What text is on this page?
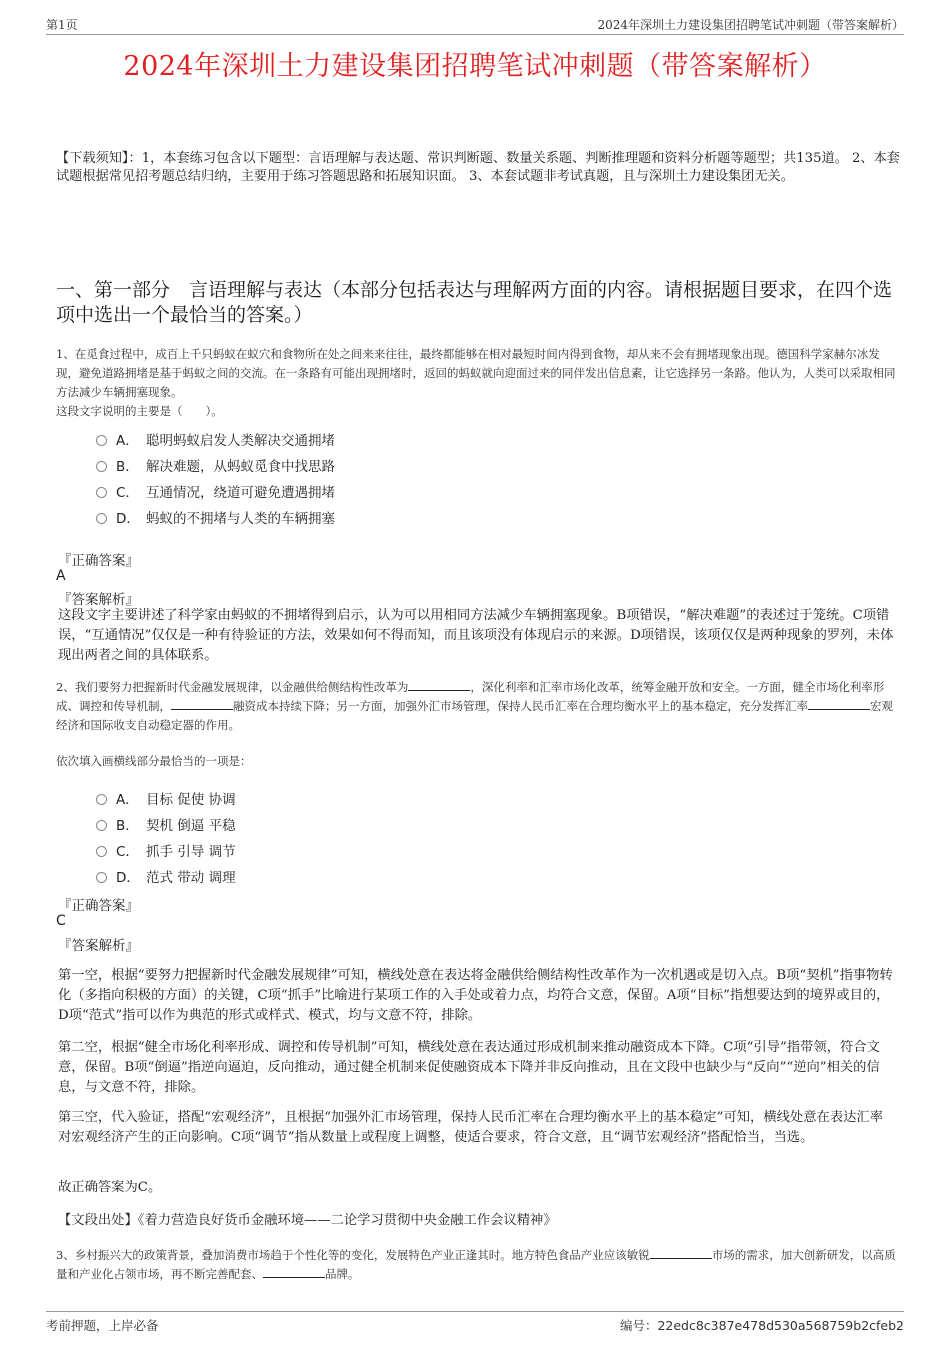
第1页	2024年深圳土力建设集团招聘笔试冲刺题（带答案解析）
2024年深圳土力建设集团招聘笔试冲刺题（带答案解析）
【下载须知】：1，本套练习包含以下题型：言语理解与表达题、常识判断题、数量关系题、判断推理题和资料分析题等题型；共135道。 2、本套试题根据常见招考题总结归纳，主要用于练习答题思路和拓展知识面。 3、本套试题非考试真题，且与深圳土力建设集团无关。
一、第一部分　言语理解与表达（本部分包括表达与理解两方面的内容。请根据题目要求，在四个选项中选出一个最恰当的答案。）
1、在觅食过程中，成百上千只蚂蚁在蚁穴和食物所在处之间来来往往，最终都能够在相对最短时间内得到食物，却从来不会有拥堵现象出现。德国科学家赫尔冰发现，避免道路拥堵是基于蚂蚁之间的交流。在一条路有可能出现拥堵时，返回的蚂蚁就向迎面过来的同伴发出信息素，让它选择另一条路。他认为，人类可以采取相同方法减少车辆拥塞现象。
这段文字说明的主要是（　　）。
A． 聪明蚂蚁启发人类解决交通拥堵
B． 解决难题，从蚂蚁觅食中找思路
C． 互通情况，绕道可避免遭遇拥堵
D． 蚂蚁的不拥堵与人类的车辆拥塞
『正确答案』
A
『答案解析』
这段文字主要讲述了科学家由蚂蚁的不拥堵得到启示，认为可以用相同方法减少车辆拥塞现象。B项错误，“解决难题”的表述过于笼统。C项错误，“互通情况”仅仅是一种有待验证的方法，效果如何不得而知，而且该项没有体现启示的来源。D项错误，该项仅仅是两种现象的罗列，未体现出两者之间的具体联系。
2、我们要努力把握新时代金融发展规律，以金融供给侧结构性改革为	，深化利率和汇率市场化改革，统筹金融开放和安全。一方面，健全市场化利率形成、调控和传导机制，	融资成本持续下降；另一方面，加强外汇市场管理，保持人民币汇率在合理均衡水平上的基本稳定，充分发挥汇率	宏观经济和国际收支自动稳定器的作用。
依次填入画横线部分最恰当的一项是：
A． 目标 促使 协调
B． 契机 倒逼 平稳
C． 抓手 引导 调节
D． 范式 带动 调理
『正确答案』
C
『答案解析』
第一空，根据“要努力把握新时代金融发展规律”可知，横线处意在表达将金融供给侧结构性改革作为一次机遇或是切入点。B项“契机”指事物转化（多指向积极的方面）的关键，C项“抓手”比喻进行某项工作的入手处或着力点，均符合文意，保留。A项“目标”指想要达到的境界或目的，D项“范式”指可以作为典范的形式或样式、模式，均与文意不符，排除。
第二空，根据“健全市场化利率形成、调控和传导机制”可知，横线处意在表达通过形成机制来推动融资成本下降。C项“引导”指带领，符合文意，保留。B项“倒逼”指逆向逼迫，反向推动，通过健全机制来促使融资成本下降并非反向推动，且在文段中也缺少与“反向”“逆向”相关的信息，与文意不符，排除。
第三空，代入验证，搭配“宏观经济”，且根据“加强外汇市场管理，保持人民币汇率在合理均衡水平上的基本稳定”可知，横线处意在表达汇率对宏观经济产生的正向影响。C项“调节”指从数量上或程度上调整，使适合要求，符合文意，且“调节宏观经济”搭配恰当，当选。
故正确答案为C。
【文段出处】《着力营造良好货币金融环境——二论学习贯彻中央金融工作会议精神》
3、乡村振兴大的政策背景，叠加消费市场趋于个性化等的变化，发展特色产业正逢其时。地方特色食品产业应该敏锐	市场的需求，加大创新研发，以高质量和产业化占领市场，再不断完善配套、	品牌。
考前押题，上岸必备	编号：22edc8c387e478d530a568759b2cfeb2
